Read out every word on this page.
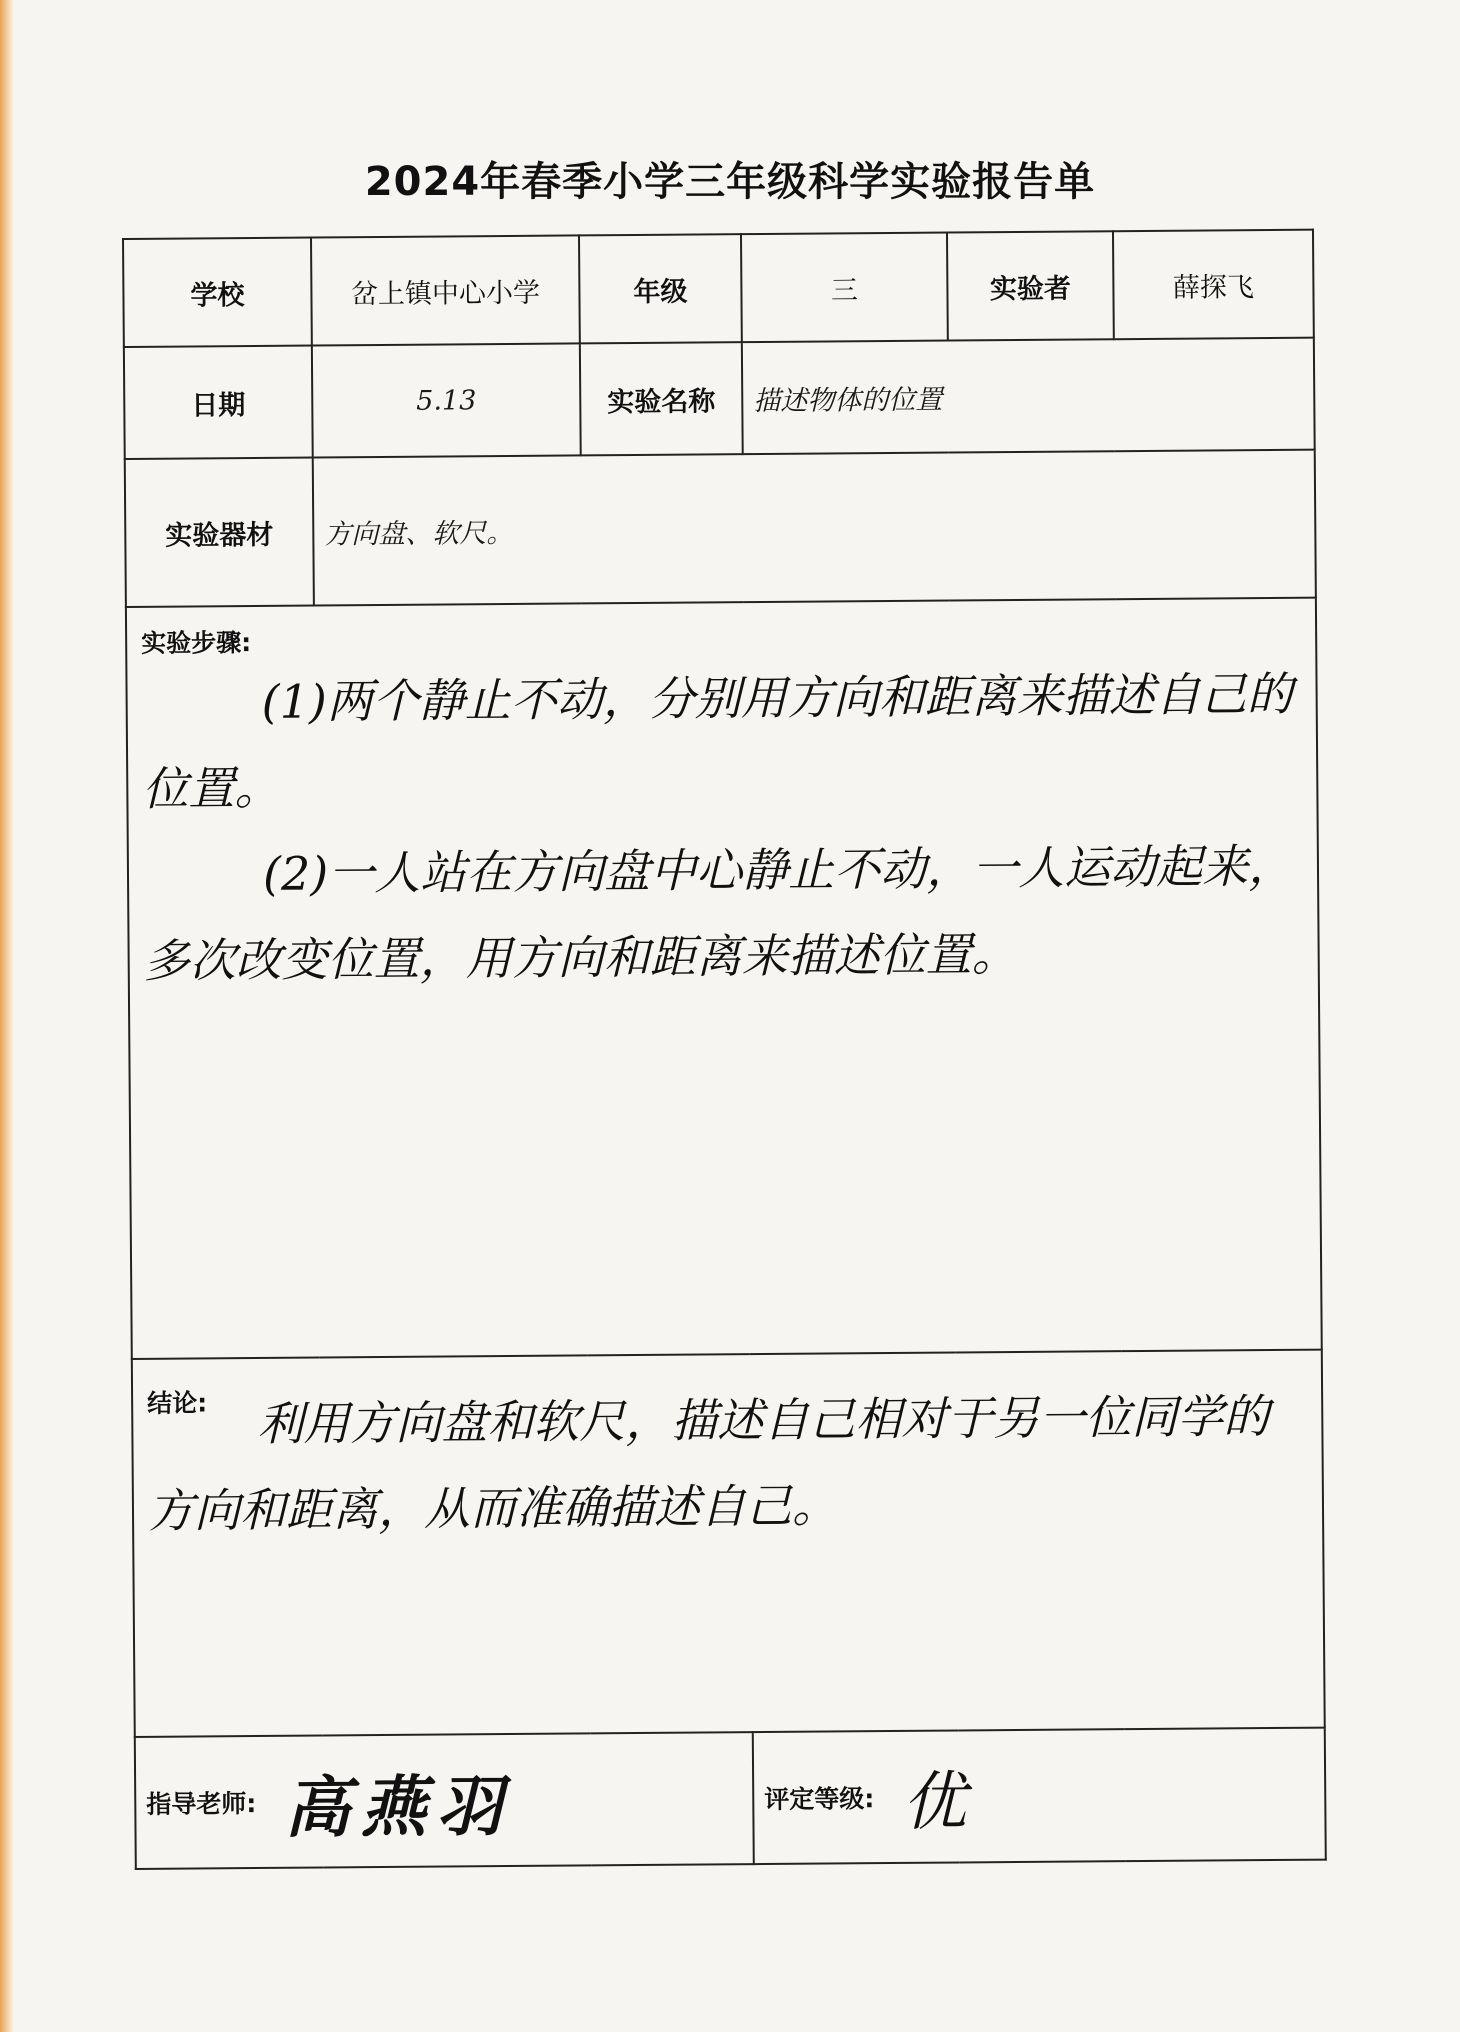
2024年春季小学三年级科学实验报告单
学校	岔上镇中心小学	年级	三	实验者	薛探飞
日期	5.13	实验名称	描述物体的位置		
实验器材	方向盘、软尺。				

实验步骤:

(1)两个静止不动，分别用方向和距离来描述自己的位置。

(2)一人站在方向盘中心静止不动，一人运动起来，多次改变位置，用方向和距离来描述位置。					

结论: 利用方向盘和软尺，描述自己相对于另一位同学的方向和距离，从而准确描述自己。					

指导老师: 高燕羽			评定等级: 优		
